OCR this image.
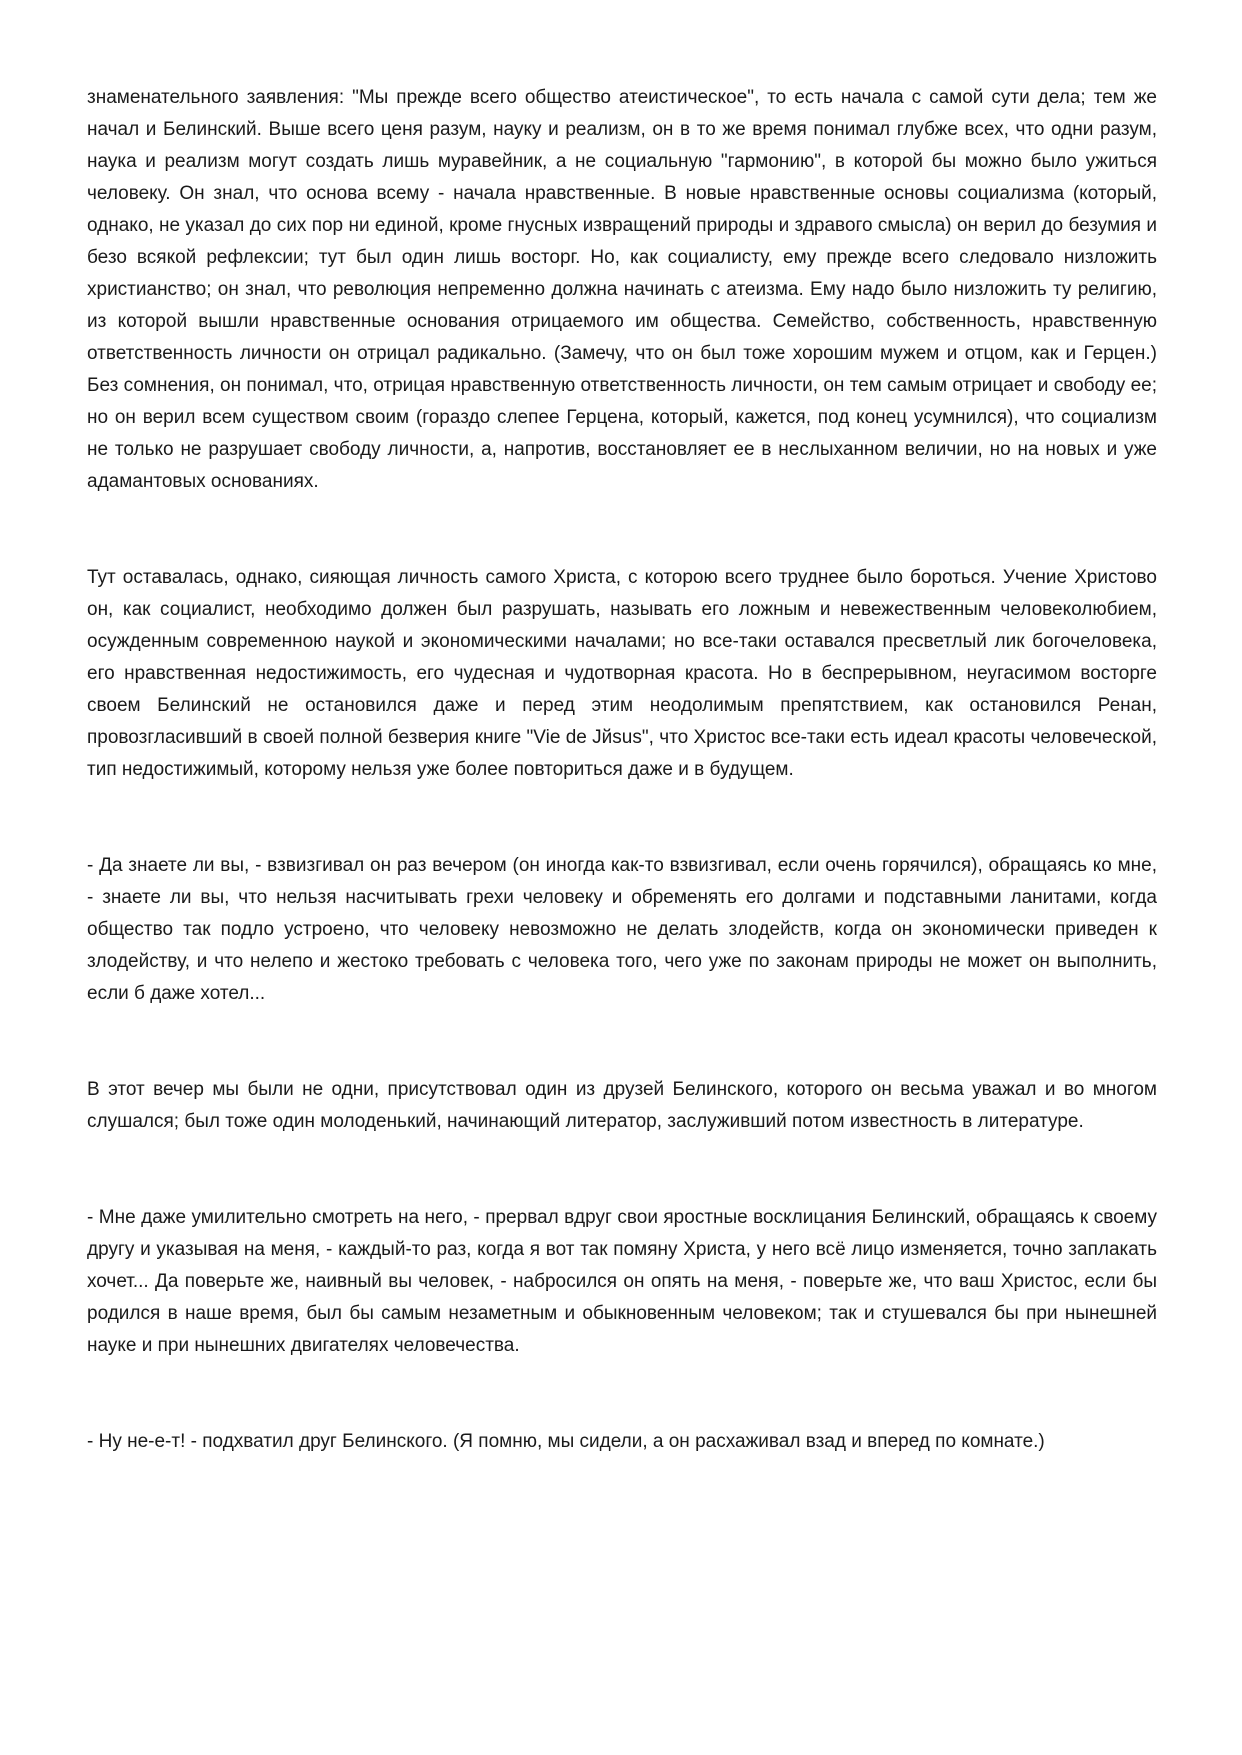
знаменательного заявления: "Мы прежде всего общество атеистическое", то есть начала с самой сути дела; тем же начал и Белинский. Выше всего ценя разум, науку и реализм, он в то же время понимал глубже всех, что одни разум, наука и реализм могут создать лишь муравейник, а не социальную "гармонию", в которой бы можно было ужиться человеку. Он знал, что основа всему - начала нравственные. В новые нравственные основы социализма (который, однако, не указал до сих пор ни единой, кроме гнусных извращений природы и здравого смысла) он верил до безумия и безо всякой рефлексии; тут был один лишь восторг. Но, как социалисту, ему прежде всего следовало низложить христианство; он знал, что революция непременно должна начинать с атеизма. Ему надо было низложить ту религию, из которой вышли нравственные основания отрицаемого им общества. Семейство, собственность, нравственную ответственность личности он отрицал радикально. (Замечу, что он был тоже хорошим мужем и отцом, как и Герцен.) Без сомнения, он понимал, что, отрицая нравственную ответственность личности, он тем самым отрицает и свободу ее; но он верил всем существом своим (гораздо слепее Герцена, который, кажется, под конец усумнился), что социализм не только не разрушает свободу личности, а, напротив, восстановляет ее в неслыханном величии, но на новых и уже адамантовых основаниях.

Тут оставалась, однако, сияющая личность самого Христа, с которою всего труднее было бороться. Учение Христово он, как социалист, необходимо должен был разрушать, называть его ложным и невежественным человеколюбием, осужденным современною наукой и экономическими началами; но все-таки оставался пресветлый лик богочеловека, его нравственная недостижимость, его чудесная и чудотворная красота. Но в беспрерывном, неугасимом восторге своем Белинский не остановился даже и перед этим неодолимым препятствием, как остановился Ренан, провозгласивший в своей полной безверия книге "Vie de Jйsus", что Христос все-таки есть идеал красоты человеческой, тип недостижимый, которому нельзя уже более повториться даже и в будущем.

- Да знаете ли вы, - взвизгивал он раз вечером (он иногда как-то взвизгивал, если очень горячился), обращаясь ко мне, - знаете ли вы, что нельзя насчитывать грехи человеку и обременять его долгами и подставными ланитами, когда общество так подло устроено, что человеку невозможно не делать злодейств, когда он экономически приведен к злодейству, и что нелепо и жестоко требовать с человека того, чего уже по законам природы не может он выполнить, если б даже хотел...

В этот вечер мы были не одни, присутствовал один из друзей Белинского, которого он весьма уважал и во многом слушался; был тоже один молоденький, начинающий литератор, заслуживший потом известность в литературе.

- Мне даже умилительно смотреть на него, - прервал вдруг свои яростные восклицания Белинский, обращаясь к своему другу и указывая на меня, - каждый-то раз, когда я вот так помяну Христа, у него всё лицо изменяется, точно заплакать хочет... Да поверьте же, наивный вы человек, - набросился он опять на меня, - поверьте же, что ваш Христос, если бы родился в наше время, был бы самым незаметным и обыкновенным человеком; так и стушевался бы при нынешней науке и при нынешних двигателях человечества.

- Ну не-е-т! - подхватил друг Белинского. (Я помню, мы сидели, а он расхаживал взад и вперед по комнате.)
